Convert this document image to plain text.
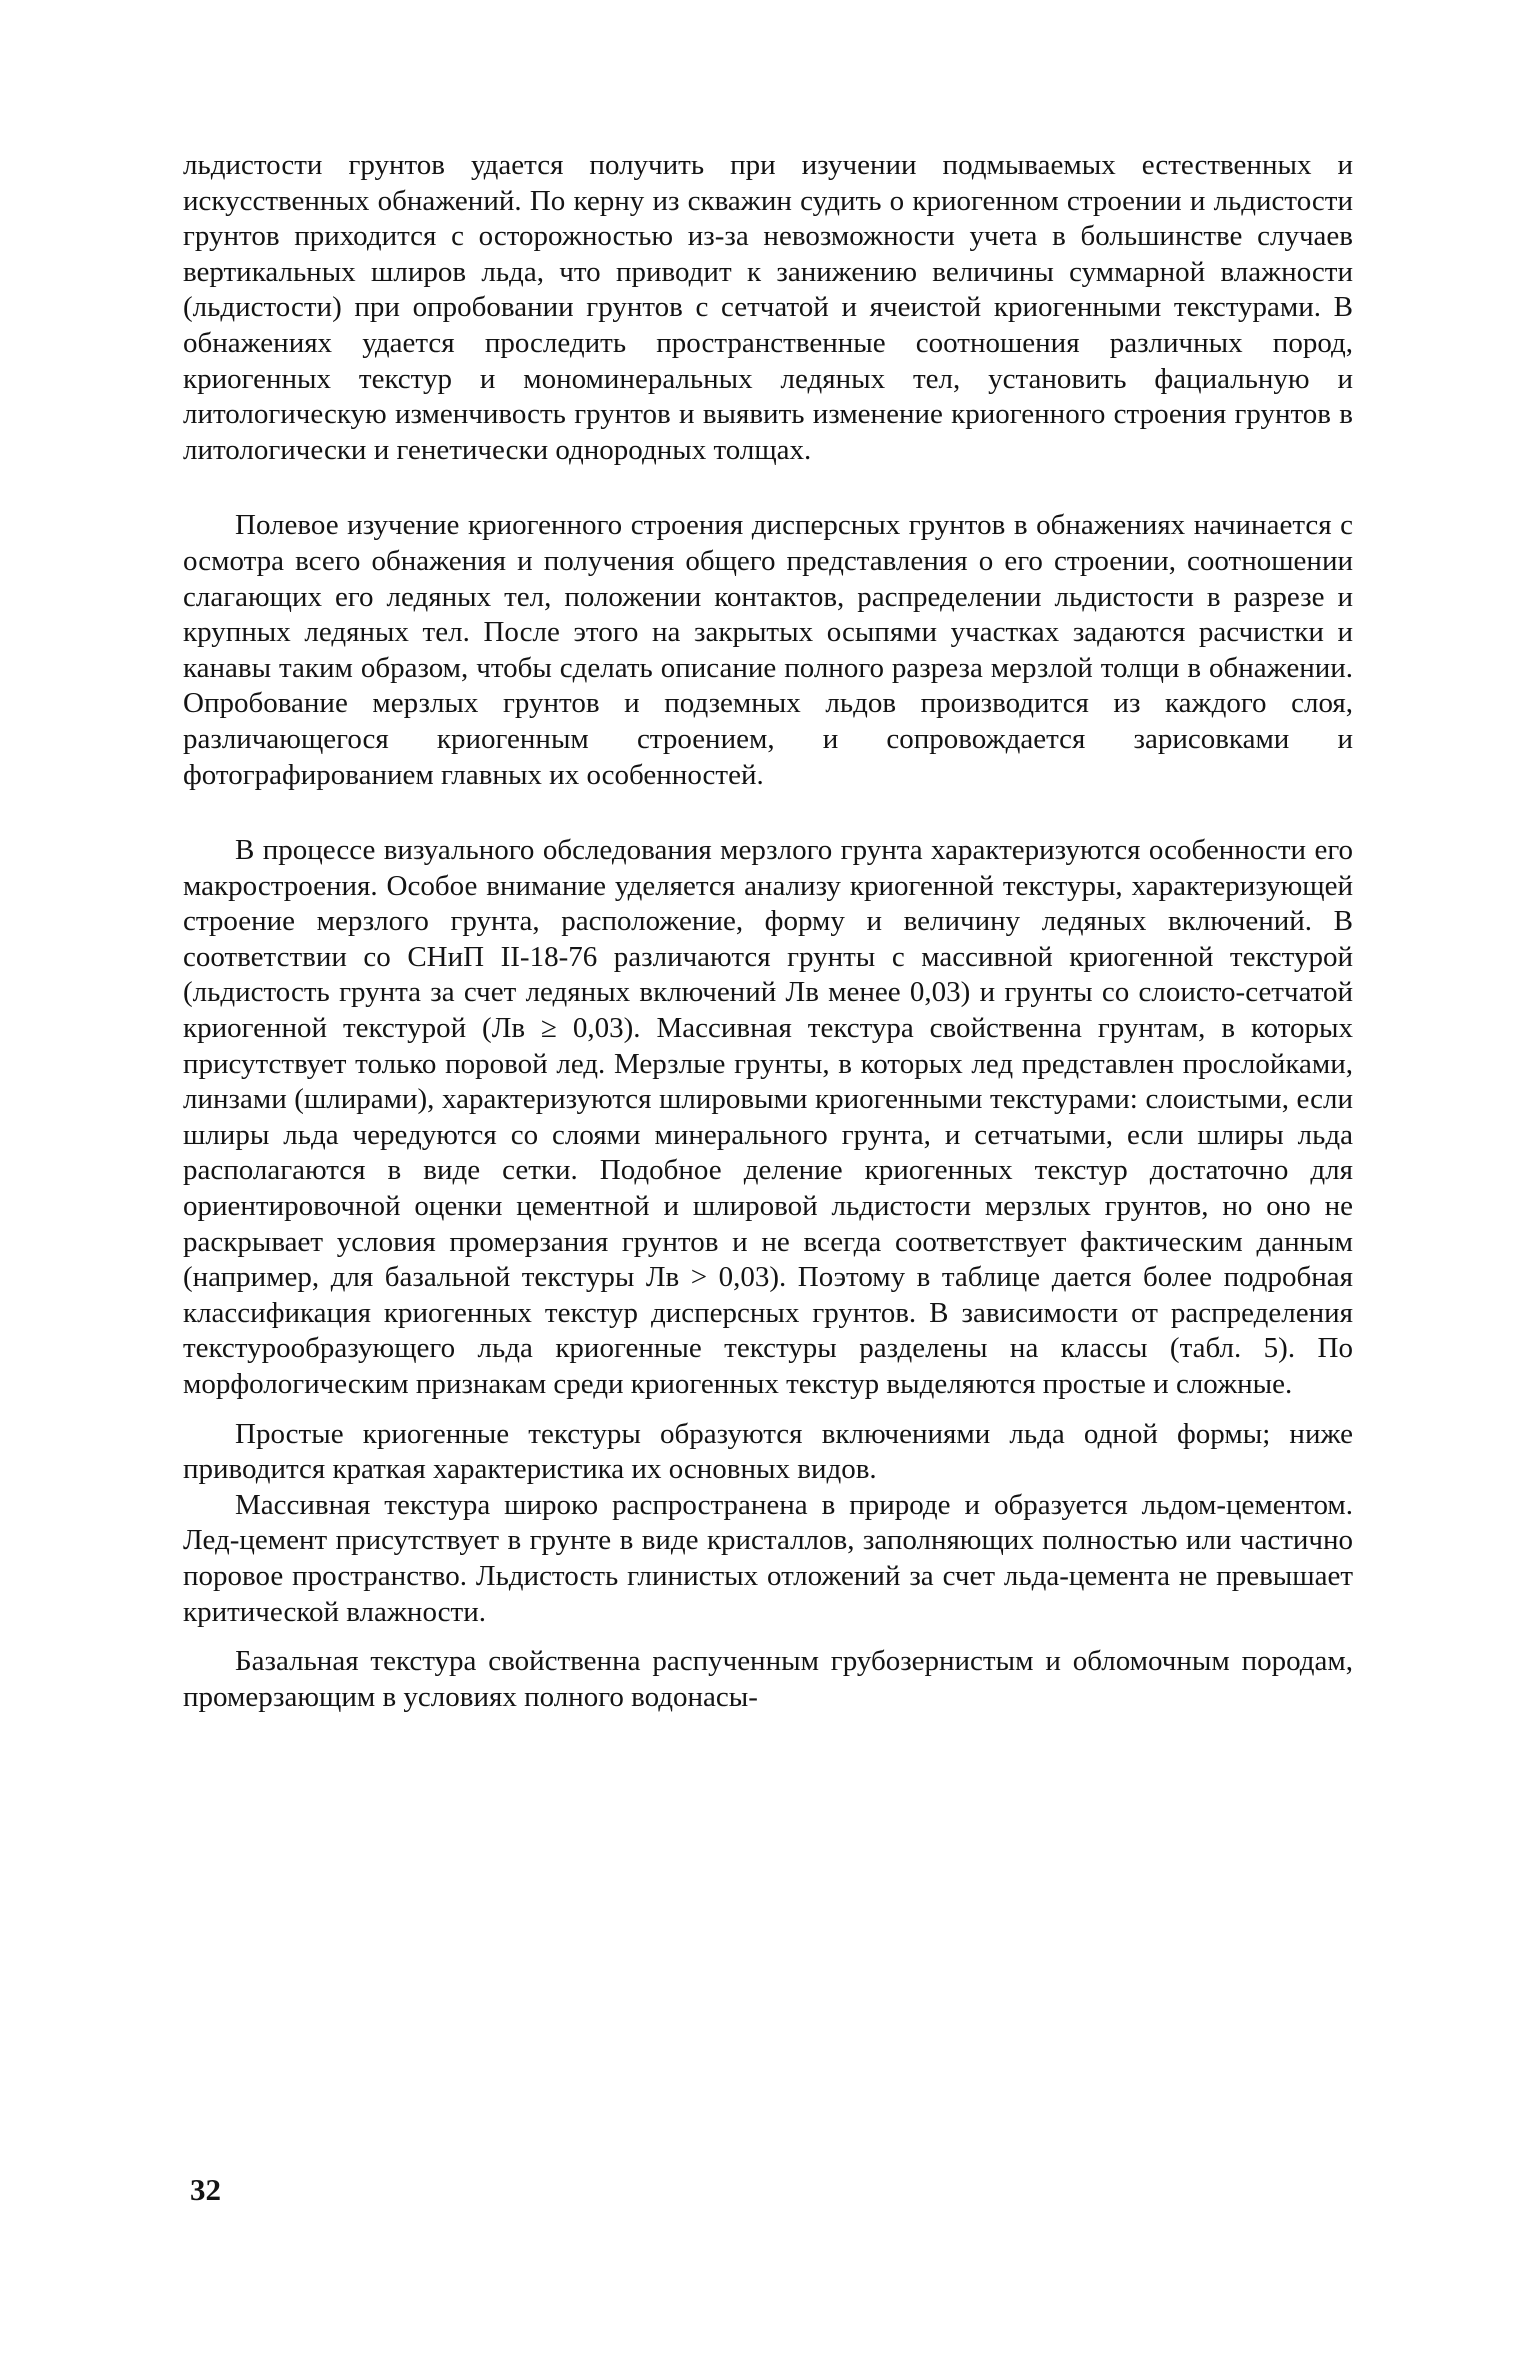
льдистости грунтов удается получить при изучении подмываемых естественных и искусственных обнажений. По керну из скважин судить о криогенном строении и льдистости грунтов приходится с осторожностью из-за невозможности учета в большинстве случаев вертикальных шлиров льда, что приводит к занижению величины суммарной влажности (льдистости) при опробовании грунтов с сетчатой и ячеистой криогенными текстурами. В обнажениях удается проследить пространственные соотношения различных пород, криогенных текстур и мономинеральных ледяных тел, установить фациальную и литологическую изменчивость грунтов и выявить изменение криогенного строения грунтов в литологически и генетически однородных толщах.

Полевое изучение криогенного строения дисперсных грунтов в обнажениях начинается с осмотра всего обнажения и получения общего представления о его строении, соотношении слагающих его ледяных тел, положении контактов, распределении льдистости в разрезе и крупных ледяных тел. После этого на закрытых осыпями участках задаются расчистки и канавы таким образом, чтобы сделать описание полного разреза мерзлой толщи в обнажении. Опробование мерзлых грунтов и подземных льдов производится из каждого слоя, различающегося криогенным строением, и сопровождается зарисовками и фотографированием главных их особенностей.

В процессе визуального обследования мерзлого грунта характеризуются особенности его макростроения. Особое внимание уделяется анализу криогенной текстуры, характеризующей строение мерзлого грунта, расположение, форму и величину ледяных включений. В соответствии со СНиП II-18-76 различаются грунты с массивной криогенной текстурой (льдистость грунта за счет ледяных включений Лв менее 0,03) и грунты со слоисто-сетчатой криогенной текстурой (Лв ≥ 0,03). Массивная текстура свойственна грунтам, в которых присутствует только поровой лед. Мерзлые грунты, в которых лед представлен прослойками, линзами (шлирами), характеризуются шлировыми криогенными текстурами: слоистыми, если шлиры льда чередуются со слоями минерального грунта, и сетчатыми, если шлиры льда располагаются в виде сетки. Подобное деление криогенных текстур достаточно для ориентировочной оценки цементной и шлировой льдистости мерзлых грунтов, но оно не раскрывает условия промерзания грунтов и не всегда соответствует фактическим данным (например, для базальной текстуры Лв > 0,03). Поэтому в таблице дается более подробная классификация криогенных текстур дисперсных грунтов. В зависимости от распределения текстурообразующего льда криогенные текстуры разделены на классы (табл. 5). По морфологическим признакам среди криогенных текстур выделяются простые и сложные.

Простые криогенные текстуры образуются включениями льда одной формы; ниже приводится краткая характеристика их основных видов.

Массивная текстура широко распространена в природе и образуется льдом-цементом. Лед-цемент присутствует в грунте в виде кристаллов, заполняющих полностью или частично поровое пространство. Льдистость глинистых отложений за счет льда-цемента не превышает критической влажности.

Базальная текстура свойственна распученным грубозернистым и обломочным породам, промерзающим в условиях полного водонасы-

32
